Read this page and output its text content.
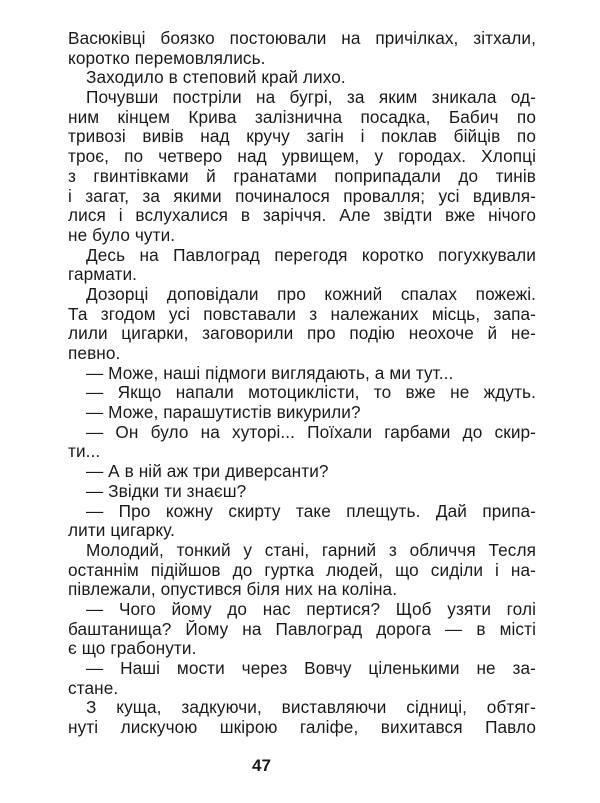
Васюківці боязко постоювали на причілках, зітхали,
коротко перемовлялись.
Заходило в степовий край лихо.
Почувши постріли на бугрі, за яким зникала од-
ним кінцем Крива залізнична посадка, Бабич по
тривозі вивів над кручу загін і поклав бійців по
троє, по четверо над урвищем, у городах. Хлопці
з гвинтівками й гранатами поприпадали до тинів
і загат, за якими починалося провалля; усі вдивля-
лися і вслухалися в заріччя. Але звідти вже нічого
не було чути.
Десь на Павлоград перегодя коротко погухкували
гармати.
Дозорці доповідали про кожний спалах пожежі.
Та згодом усі повставали з належаних місць, запа-
лили цигарки, заговорили про подію неохоче й не-
певно.
— Може, наші підмоги виглядають, а ми тут...
— Якщо напали мотоциклісти, то вже не ждуть.
— Може, парашутистів викурили?
— Он було на хуторі... Поїхали гарбами до скир-
ти...
— А в ній аж три диверсанти?
— Звідки ти знаєш?
— Про кожну скирту таке плещуть. Дай припа-
лити цигарку.
Молодий, тонкий у стані, гарний з обличчя Тесля
останнім підійшов до гуртка людей, що сиділи і на-
півлежали, опустився біля них на коліна.
— Чого йому до нас пертися? Щоб узяти голі
баштанища? Йому на Павлоград дорога — в місті
є що грабонути.
— Наші мости через Вовчу ціленькими не за-
стане.
З куща, задкуючи, виставляючи сідниці, обтяг-
нуті лискучою шкірою галіфе, вихитався Павло
47
